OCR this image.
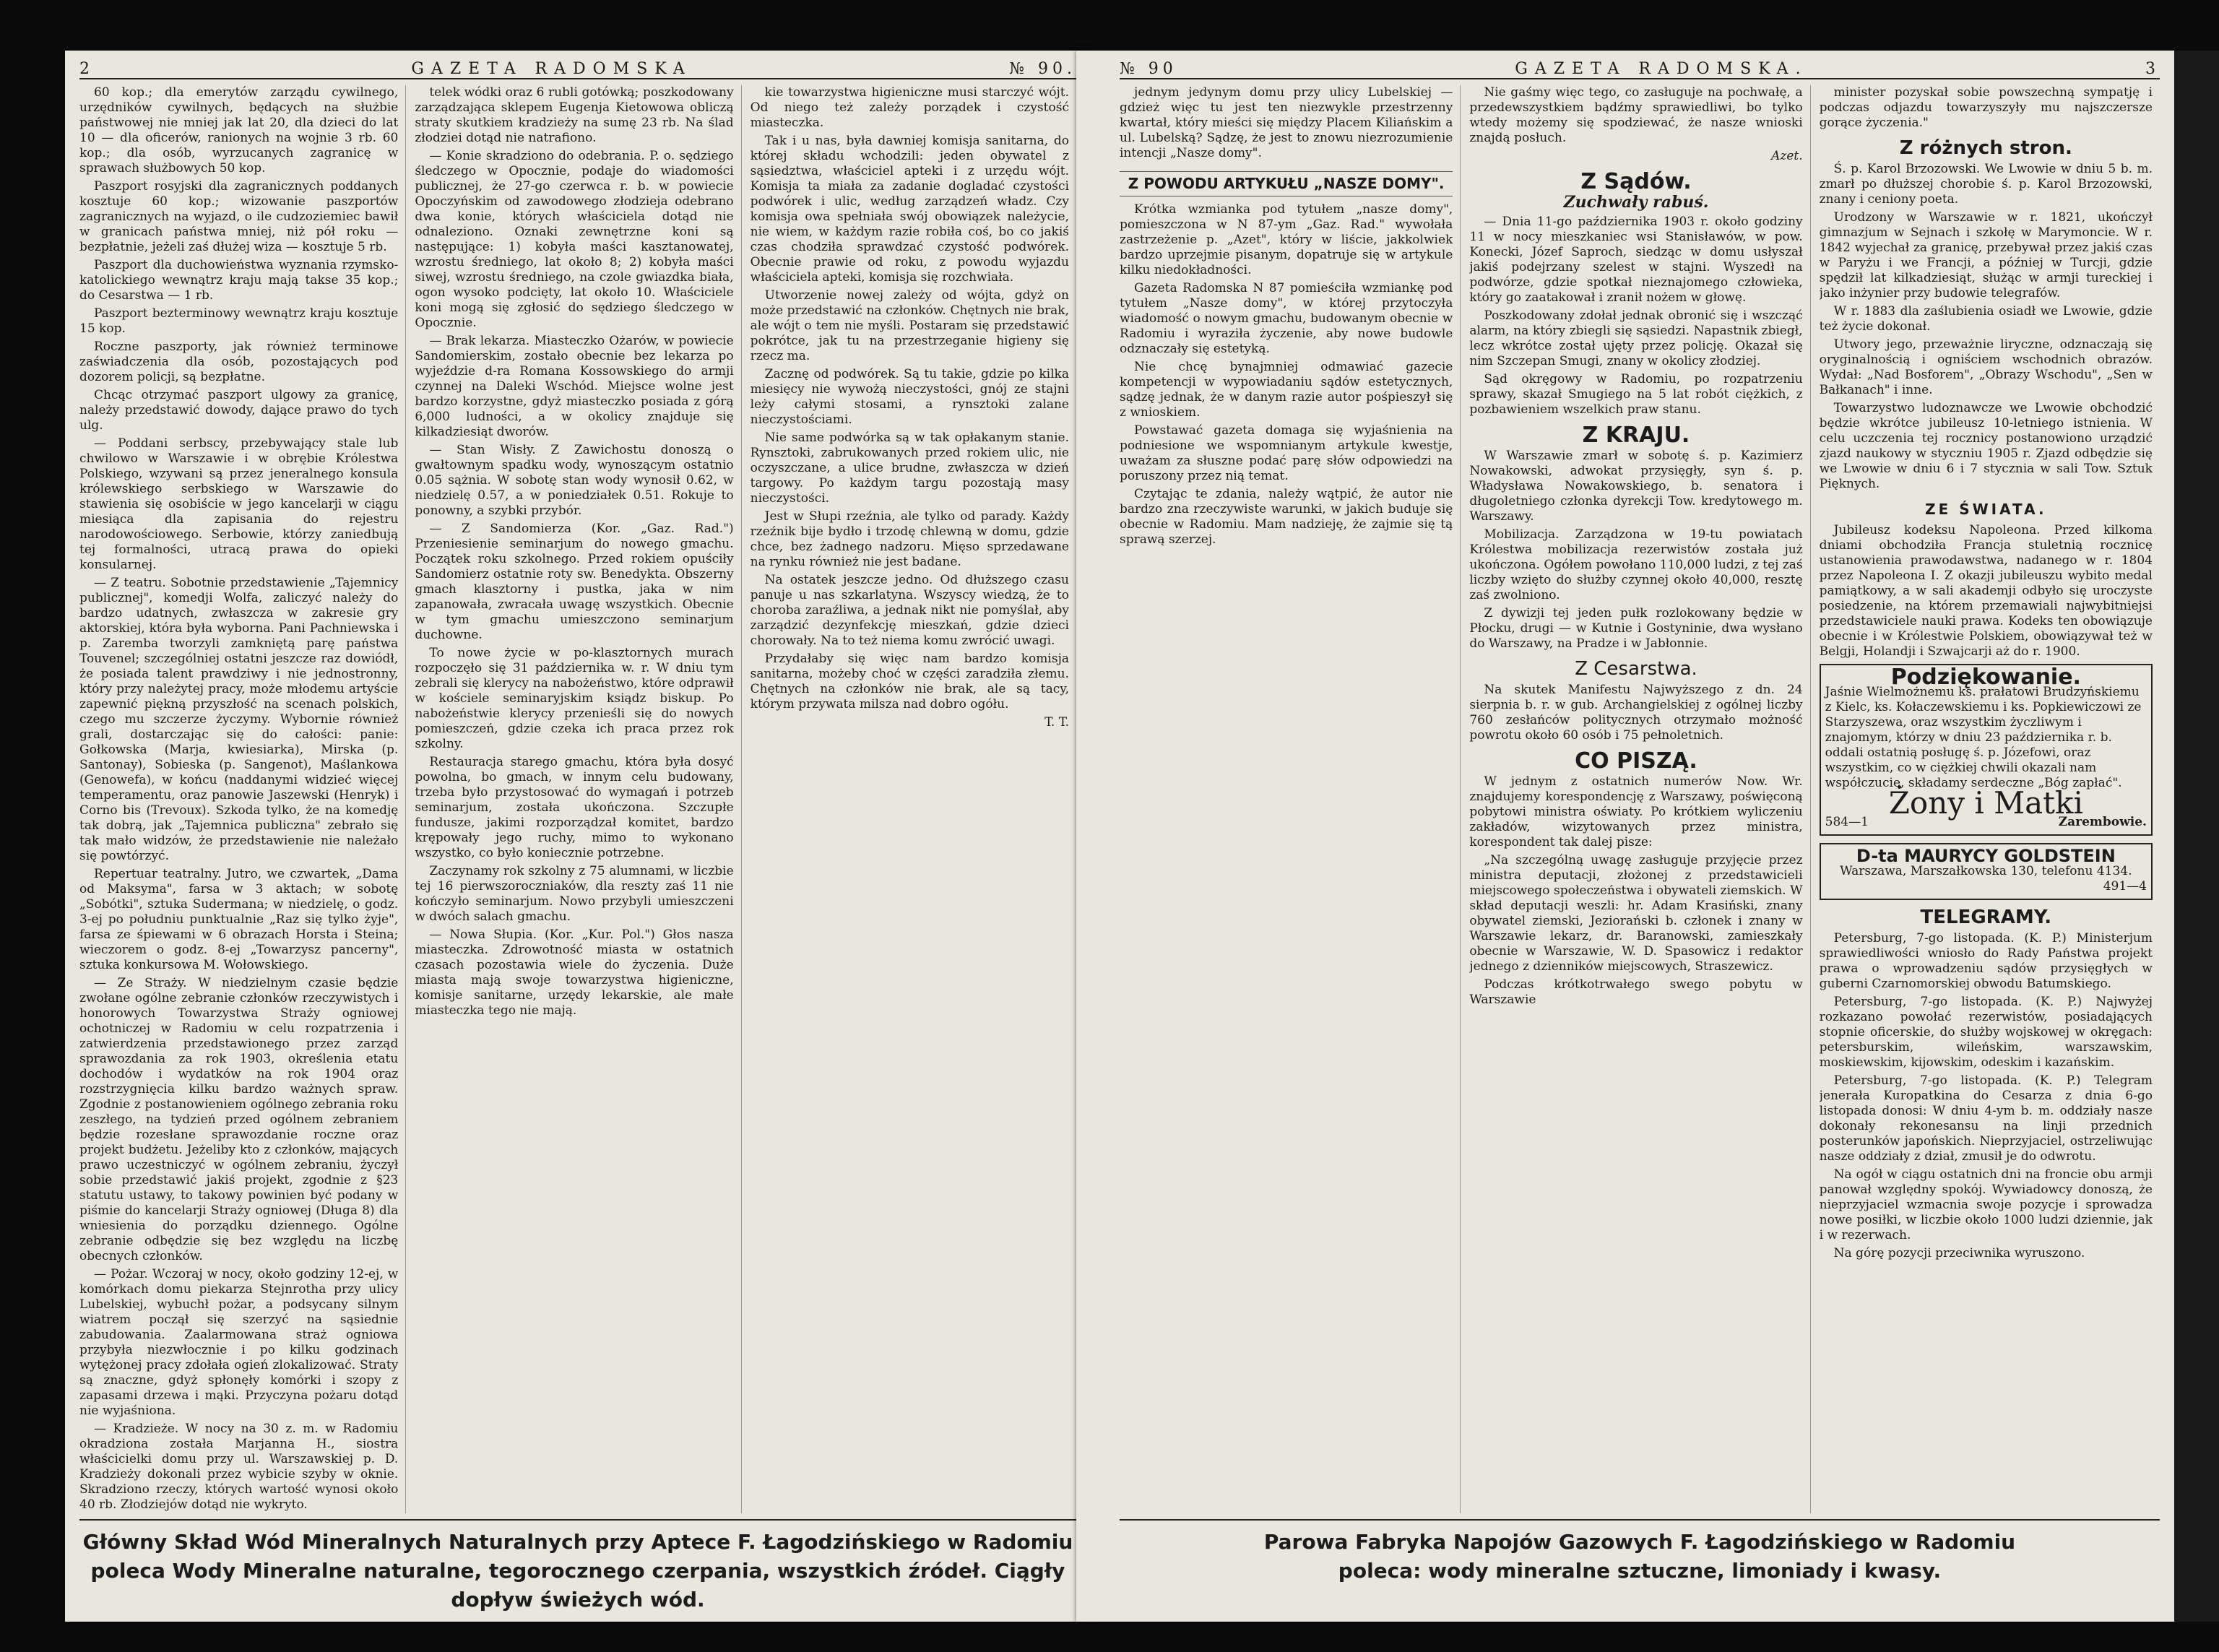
2	GAZETA RADOMSKA	№ 90.

60 kop.; dla emerytów zarządu cywilnego, urzędników cywilnych, będących na służbie państwowej nie mniej jak lat 20, dla dzieci do lat 10 — dla oficerów, ranionych na wojnie 3 rb. 60 kop.; dla osób, wyrzucanych zagranicę w sprawach służbowych 50 kop.

Paszport rosyjski dla zagranicznych poddanych kosztuje 60 kop.; wizowanie paszportów zagranicznych na wyjazd, o ile cudzoziemiec bawił w granicach państwa mniej, niż pół roku — bezpłatnie, jeżeli zaś dłużej wiza — kosztuje 5 rb.

Paszport dla duchowieństwa wyznania rzymsko-katolickiego wewnątrz kraju mają takse 35 kop.; do Cesarstwa — 1 rb.

Paszport bezterminowy wewnątrz kraju kosztuje 15 kop.

Roczne paszporty, jak również terminowe zaświadczenia dla osób, pozostających pod dozorem policji, są bezpłatne.

Chcąc otrzymać paszport ulgowy za granicę, należy przedstawić dowody, dające prawo do tych ulg.

— Poddani serbscy, przebywający stale lub chwilowo w Warszawie i w obrębie Królestwa Polskiego, wzywani są przez jeneralnego konsula królewskiego serbskiego w Warszawie do stawienia się osobiście w jego kancelarji w ciągu miesiąca dla zapisania do rejestru narodowościowego. Serbowie, którzy zaniedbują tej formalności, utracą prawa do opieki konsularnej.

— Z teatru. Sobotnie przedstawienie „Tajemnicy publicznej", komedji Wolfa, zaliczyć należy do bardzo udatnych, zwłaszcza w zakresie gry aktorskiej, która była wyborna. Pani Pachniewska i p. Zaremba tworzyli zamkniętą parę państwa Touvenel; szczególniej ostatni jeszcze raz dowiódł, że posiada talent prawdziwy i nie jednostronny, który przy należytej pracy, może młodemu artyście zapewnić piękną przyszłość na scenach polskich, czego mu szczerze życzymy. Wybornie również grali, dostarczając się do całości: panie: Gołkowska (Marja, kwiesiarka), Mirska (p. Santonay), Sobieska (p. Sangenot), Maślankowa (Genowefa), w końcu (naddanymi widzieć więcej temperamentu, oraz panowie Jaszewski (Henryk) i Corno bis (Trevoux). Szkoda tylko, że na komedję tak dobrą, jak „Tajemnica publiczna" zebrało się tak mało widzów, że przedstawienie nie należało się powtórzyć.

Repertuar teatralny. Jutro, we czwartek, „Dama od Maksyma", farsa w 3 aktach; w sobotę „Sobótki", sztuka Sudermana; w niedzielę, o godz. 3-ej po południu punktualnie „Raz się tylko żyje", farsa ze śpiewami w 6 obrazach Horsta i Steina; wieczorem o godz. 8-ej „Towarzysz pancerny", sztuka konkursowa M. Wołowskiego.

— Ze Straży. W niedzielnym czasie będzie zwołane ogólne zebranie członków rzeczywistych i honorowych Towarzystwa Straży ogniowej ochotniczej w Radomiu w celu rozpatrzenia i zatwierdzenia przedstawionego przez zarząd sprawozdania za rok 1903, określenia etatu dochodów i wydatków na rok 1904 oraz rozstrzygnięcia kilku bardzo ważnych spraw. Zgodnie z postanowieniem ogólnego zebrania roku zeszłego, na tydzień przed ogólnem zebraniem będzie rozesłane sprawozdanie roczne oraz projekt budżetu. Jeżeliby kto z członków, mających prawo uczestniczyć w ogólnem zebraniu, życzył sobie przedstawić jakiś projekt, zgodnie z §23 statutu ustawy, to takowy powinien być podany w piśmie do kancelarji Straży ogniowej (Długa 8) dla wniesienia do porządku dziennego. Ogólne zebranie odbędzie się bez względu na liczbę obecnych członków.

— Pożar. Wczoraj w nocy, około godziny 12-ej, w komórkach domu piekarza Stejnrotha przy ulicy Lubelskiej, wybuchł pożar, a podsycany silnym wiatrem począł się szerzyć na sąsiednie zabudowania. Zaalarmowana straż ogniowa przybyła niezwłocznie i po kilku godzinach wytężonej pracy zdołała ogień zlokalizować. Straty są znaczne, gdyż spłonęły komórki i szopy z zapasami drzewa i mąki. Przyczyna pożaru dotąd nie wyjaśniona.

— Kradzieże. W nocy na 30 z. m. w Radomiu okradziona została Marjanna H., siostra właścicielki domu przy ul. Warszawskiej p. D. Kradzieży dokonali przez wybicie szyby w oknie. Skradziono rzeczy, których wartość wynosi około 40 rb. Złodziejów dotąd nie wykryto.

telek wódki oraz 6 rubli gotówką; poszkodowany zarządzająca sklepem Eugenja Kietowowa obliczą straty skutkiem kradzieży na sumę 23 rb. Na ślad złodziei dotąd nie natrafiono.

— Konie skradziono do odebrania. P. o. sędziego śledczego w Opocznie, podaje do wiadomości publicznej, że 27-go czerwca r. b. w powiecie Opoczyńskim od zawodowego złodzieja odebrano dwa konie, których właściciela dotąd nie odnaleziono. Oznaki zewnętrzne koni są następujące: 1) kobyła maści kasztanowatej, wzrostu średniego, lat około 8; 2) kobyła maści siwej, wzrostu średniego, na czole gwiazdka biała, ogon wysoko podcięty, lat około 10. Właściciele koni mogą się zgłosić do sędziego śledczego w Opocznie.

— Brak lekarza. Miasteczko Ożarów, w powiecie Sandomierskim, zostało obecnie bez lekarza po wyjeździe d-ra Romana Kossowskiego do armji czynnej na Daleki Wschód. Miejsce wolne jest bardzo korzystne, gdyż miasteczko posiada z górą 6,000 ludności, a w okolicy znajduje się kilkadziesiąt dworów.

— Stan Wisły. Z Zawichostu donoszą o gwałtownym spadku wody, wynoszącym ostatnio 0.05 sążnia. W sobotę stan wody wynosił 0.62, w niedzielę 0.57, a w poniedziałek 0.51. Rokuje to ponowny, a szybki przybór.

— Z Sandomierza (Kor. „Gaz. Rad.") Przeniesienie seminarjum do nowego gmachu. Początek roku szkolnego. Przed rokiem opuściły Sandomierz ostatnie roty sw. Benedykta. Obszerny gmach klasztorny i pustka, jaka w nim zapanowała, zwracała uwagę wszystkich. Obecnie w tym gmachu umieszczono seminarjum duchowne.

To nowe życie w po-klasztornych murach rozpoczęło się 31 października w. r. W dniu tym zebrali się klerycy na nabożeństwo, które odprawił w kościele seminaryjskim ksiądz biskup. Po nabożeństwie klerycy przenieśli się do nowych pomieszczeń, gdzie czeka ich praca przez rok szkolny.

Restauracja starego gmachu, która była dosyć powolna, bo gmach, w innym celu budowany, trzeba było przystosować do wymagań i potrzeb seminarjum, została ukończona. Szczupłe fundusze, jakimi rozporządzał komitet, bardzo krępowały jego ruchy, mimo to wykonano wszystko, co było koniecznie potrzebne.

Zaczynamy rok szkolny z 75 alumnami, w liczbie tej 16 pierwszoroczniaków, dla reszty zaś 11 nie kończyło seminarjum. Nowo przybyli umieszczeni w dwóch salach gmachu.

— Nowa Słupia. (Kor. „Kur. Pol.") Głos nasza miasteczka. Zdrowotność miasta w ostatnich czasach pozostawia wiele do życzenia. Duże miasta mają swoje towarzystwa higieniczne, komisje sanitarne, urzędy lekarskie, ale małe miasteczka tego nie mają.

kie towarzystwa higieniczne musi starczyć wójt. Od niego też zależy porządek i czystość miasteczka.

Tak i u nas, była dawniej komisja sanitarna, do której składu wchodzili: jeden obywatel z sąsiedztwa, właściciel apteki i z urzędu wójt. Komisja ta miała za zadanie dogladać czystości podwórek i ulic, według zarządzeń władz. Czy komisja owa spełniała swój obowiązek należycie, nie wiem, w każdym razie robiła coś, bo co jakiś czas chodziła sprawdzać czystość podwórek. Obecnie prawie od roku, z powodu wyjazdu właściciela apteki, komisja się rozchwiała.

Utworzenie nowej zależy od wójta, gdyż on może przedstawić na członków. Chętnych nie brak, ale wójt o tem nie myśli. Postaram się przedstawić pokrótce, jak tu na przestrzeganie higieny się rzecz ma.

Zacznę od podwórek. Są tu takie, gdzie po kilka miesięcy nie wywożą nieczystości, gnój ze stajni leży całymi stosami, a rynsztoki zalane nieczystościami.

Nie same podwórka są w tak opłakanym stanie. Rynsztoki, zabrukowanych przed rokiem ulic, nie oczyszczane, a ulice brudne, zwłaszcza w dzień targowy. Po każdym targu pozostają masy nieczystości.

Jest w Słupi rzeźnia, ale tylko od parady. Każdy rzeźnik bije bydło i trzodę chlewną w domu, gdzie chce, bez żadnego nadzoru. Mięso sprzedawane na rynku również nie jest badane.

Na ostatek jeszcze jedno. Od dłuższego czasu panuje u nas szkarlatyna. Wszyscy wiedzą, że to choroba zaraźliwa, a jednak nikt nie pomyślał, aby zarządzić dezynfekcję mieszkań, gdzie dzieci chorowały. Na to też niema komu zwrócić uwagi.

Przydałaby się więc nam bardzo komisja sanitarna, możeby choć w części zaradziła złemu. Chętnych na członków nie brak, ale są tacy, którym przywata milsza nad dobro ogółu.

T. T.

Główny Skład Wód Mineralnych Naturalnych przy Aptece F. Łagodzińskiego w Radomiu poleca Wody Mineralne naturalne, tegorocznego czerpania, wszystkich źródeł. Ciągły dopływ świeżych wód.
№ 90	GAZETA RADOMSKA.	3

jednym jedynym domu przy ulicy Lubelskiej — gdzież więc tu jest ten niezwykle przestrzenny kwartał, który mieści się między Placem Kiliańskim a ul. Lubelską? Sądzę, że jest to znowu niezrozumienie intencji „Nasze domy".

Z POWODU ARTYKUŁU „NASZE DOMY".

Krótka wzmianka pod tytułem „nasze domy", pomieszczona w N 87-ym „Gaz. Rad." wywołała zastrzeżenie p. „Azet", który w liście, jakkolwiek bardzo uprzejmie pisanym, dopatruje się w artykule kilku niedokładności.

Gazeta Radomska N 87 pomieściła wzmiankę pod tytułem „Nasze domy", w której przytoczyła wiadomość o nowym gmachu, budowanym obecnie w Radomiu i wyraziła życzenie, aby nowe budowle odznaczały się estetyką.

Nie chcę bynajmniej odmawiać gazecie kompetencji w wypowiadaniu sądów estetycznych, sądzę jednak, że w danym razie autor pośpieszył się z wnioskiem.

Powstawać gazeta domaga się wyjaśnienia na podniesione we wspomnianym artykule kwestje, uważam za słuszne podać parę słów odpowiedzi na poruszony przez nią temat.

Czytając te zdania, należy wątpić, że autor nie bardzo zna rzeczywiste warunki, w jakich buduje się obecnie w Radomiu. Mam nadzieję, że zajmie się tą sprawą szerzej.

Nie gaśmy więc tego, co zasługuje na pochwałę, a przedewszystkiem bądźmy sprawiedliwi, bo tylko wtedy możemy się spodziewać, że nasze wnioski znajdą posłuch.

Azet.

Z Sądów.
Zuchwały rabuś.

— Dnia 11-go października 1903 r. około godziny 11 w nocy mieszkaniec wsi Stanisławów, w pow. Konecki, Józef Saproch, siedząc w domu usłyszał jakiś podejrzany szelest w stajni. Wyszedł na podwórze, gdzie spotkał nieznajomego człowieka, który go zaatakował i zranił nożem w głowę.

Poszkodowany zdołał jednak obronić się i wszcząć alarm, na który zbiegli się sąsiedzi. Napastnik zbiegł, lecz wkrótce został ujęty przez policję. Okazał się nim Szczepan Smugi, znany w okolicy złodziej.

Sąd okręgowy w Radomiu, po rozpatrzeniu sprawy, skazał Smugiego na 5 lat robót ciężkich, z pozbawieniem wszelkich praw stanu.

Z KRAJU.

W Warszawie zmarł w sobotę ś. p. Kazimierz Nowakowski, adwokat przysięgły, syn ś. p. Władysława Nowakowskiego, b. senatora i długoletniego członka dyrekcji Tow. kredytowego m. Warszawy.

Mobilizacja. Zarządzona w 19-tu powiatach Królestwa mobilizacja rezerwistów została już ukończona. Ogółem powołano 110,000 ludzi, z tej zaś liczby wzięto do służby czynnej około 40,000, resztę zaś zwolniono.

Z dywizji tej jeden pułk rozlokowany będzie w Płocku, drugi — w Kutnie i Gostyninie, dwa wysłano do Warszawy, na Pradze i w Jabłonnie.

Z Cesarstwa.

Na skutek Manifestu Najwyższego z dn. 24 sierpnia b. r. w gub. Archangielskiej z ogólnej liczby 760 zesłańców politycznych otrzymało możność powrotu około 60 osób i 75 pełnoletnich.

CO PISZĄ.

W jednym z ostatnich numerów Now. Wr. znajdujemy korespondencję z Warszawy, poświęconą pobytowi ministra oświaty. Po krótkiem wyliczeniu zakładów, wizytowanych przez ministra, korespondent tak dalej pisze:

„Na szczególną uwagę zasługuje przyjęcie przez ministra deputacji, złożonej z przedstawicieli miejscowego społeczeństwa i obywateli ziemskich. W skład deputacji weszli: hr. Adam Krasiński, znany obywatel ziemski, Jeziorański b. członek i znany w Warszawie lekarz, dr. Baranowski, zamieszkały obecnie w Warszawie, W. D. Spasowicz i redaktor jednego z dzienników miejscowych, Straszewicz.

Podczas krótkotrwałego swego pobytu w Warszawie

minister pozyskał sobie powszechną sympatję i podczas odjazdu towarzyszyły mu najszczersze gorące życzenia."

Z różnych stron.

Ś. p. Karol Brzozowski. We Lwowie w dniu 5 b. m. zmarł po dłuższej chorobie ś. p. Karol Brzozowski, znany i ceniony poeta.

Urodzony w Warszawie w r. 1821, ukończył gimnazjum w Sejnach i szkołę w Marymoncie. W r. 1842 wyjechał za granicę, przebywał przez jakiś czas w Paryżu i we Francji, a później w Turcji, gdzie spędził lat kilkadziesiąt, służąc w armji tureckiej i jako inżynier przy budowie telegrafów.

W r. 1883 dla zaślubienia osiadł we Lwowie, gdzie też życie dokonał.

Utwory jego, przeważnie liryczne, odznaczają się oryginalnością i ogniściem wschodnich obrazów. Wydał: „Nad Bosforem", „Obrazy Wschodu", „Sen w Bałkanach" i inne.

Towarzystwo ludoznawcze we Lwowie obchodzić będzie wkrótce jubileusz 10-letniego istnienia. W celu uczczenia tej rocznicy postanowiono urządzić zjazd naukowy w styczniu 1905 r. Zjazd odbędzie się we Lwowie w dniu 6 i 7 stycznia w sali Tow. Sztuk Pięknych.

ZE ŚWIATA.

Jubileusz kodeksu Napoleona. Przed kilkoma dniami obchodziła Francja stuletnią rocznicę ustanowienia prawodawstwa, nadanego w r. 1804 przez Napoleona I. Z okazji jubileuszu wybito medal pamiątkowy, a w sali akademji odbyło się uroczyste posiedzenie, na którem przemawiali najwybitniejsi przedstawiciele nauki prawa. Kodeks ten obowiązuje obecnie i w Królestwie Polskiem, obowiązywał też w Belgji, Holandji i Szwajcarji aż do r. 1900.

Podziękowanie.
Jaśnie Wielmożnemu ks. prałatowi Brudzyńskiemu z Kielc, ks. Kołaczewskiemu i ks. Popkiewiczowi ze Starzyszewa, oraz wszystkim życzliwym i znajomym, którzy w dniu 23 października r. b. oddali ostatnią posługę ś. p. Józefowi, oraz wszystkim, co w ciężkiej chwili okazali nam współczucie, składamy serdeczne „Bóg zapłać".
Żony i Matki
584—1	Zarembowie.
D-ta MAURYCY GOLDSTEIN
Warszawa, Marszałkowska 130, telefonu 4134.
491—4
TELEGRAMY.

Petersburg, 7-go listopada. (K. P.) Ministerjum sprawiedliwości wniosło do Rady Państwa projekt prawa o wprowadzeniu sądów przysięgłych w guberni Czarnomorskiej obwodu Batumskiego.

Petersburg, 7-go listopada. (K. P.) Najwyżej rozkazano powołać rezerwistów, posiadających stopnie oficerskie, do służby wojskowej w okręgach: petersburskim, wileńskim, warszawskim, moskiewskim, kijowskim, odeskim i kazańskim.

Petersburg, 7-go listopada. (K. P.) Telegram jenerała Kuropatkina do Cesarza z dnia 6-go listopada donosi: W dniu 4-ym b. m. oddziały nasze dokonały rekonesansu na linji przednich posterunków japońskich. Nieprzyjaciel, ostrzeliwując nasze oddziały z dział, zmusił je do odwrotu.

Na ogół w ciągu ostatnich dni na froncie obu armji panował względny spokój. Wywiadowcy donoszą, że nieprzyjaciel wzmacnia swoje pozycje i sprowadza nowe posiłki, w liczbie około 1000 ludzi dziennie, jak i w rezerwach.

Na górę pozycji przeciwnika wyruszono.

Parowa Fabryka Napojów Gazowych F. Łagodzińskiego w Radomiu
poleca: wody mineralne sztuczne, limoniady i kwasy.
